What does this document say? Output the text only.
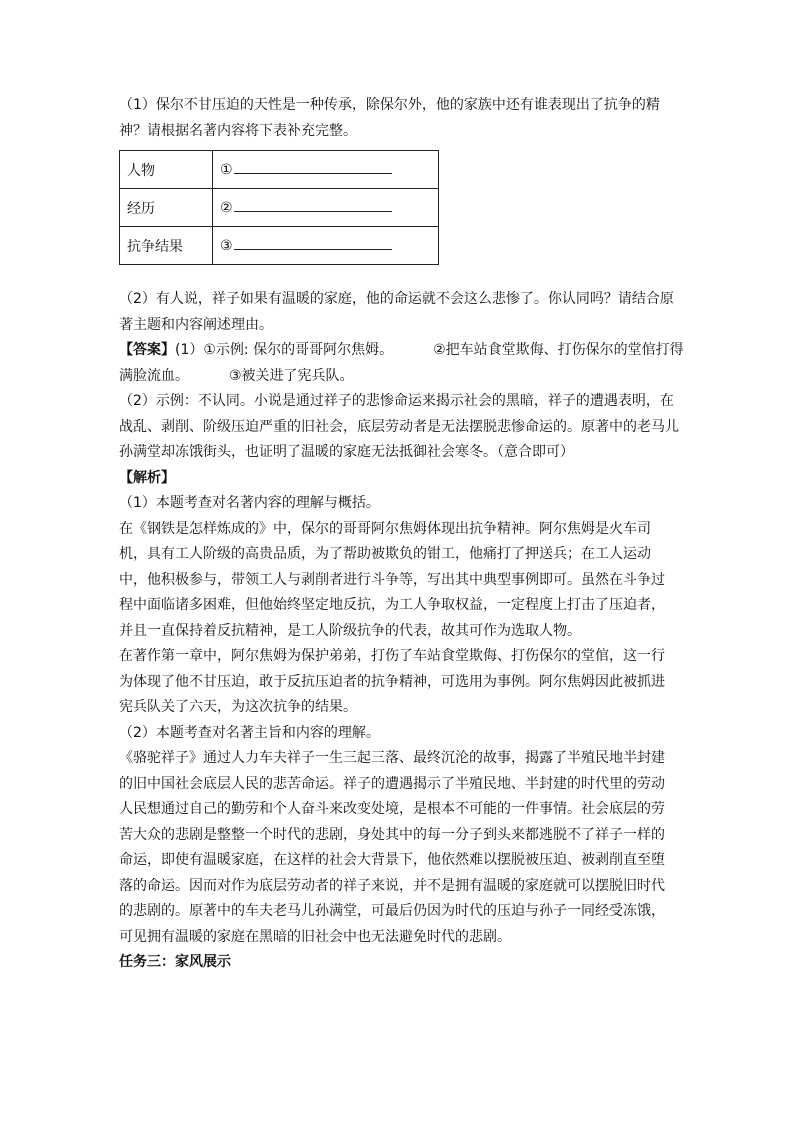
（1）保尔不甘压迫的天性是一种传承，除保尔外，他的家族中还有谁表现出了抗争的精
神？请根据名著内容将下表补充完整。
人物	①
经历	②
抗争结果	③
（2）有人说，祥子如果有温暖的家庭，他的命运就不会这么悲惨了。你认同吗？请结合原
著主题和内容阐述理由。
【答案】(1）①示例: 保尔的哥哥阿尔焦姆。	②把车站食堂欺侮、打伤保尔的堂倌打得
满脸流血。	③被关进了宪兵队。
（2）示例：不认同。小说是通过祥子的悲惨命运来揭示社会的黑暗，祥子的遭遇表明，在
战乱、剥削、阶级压迫严重的旧社会，底层劳动者是无法摆脱悲惨命运的。原著中的老马儿
孙满堂却冻饿街头，也证明了温暖的家庭无法抵御社会寒冬。（意合即可）
【解析】
（1）本题考查对名著内容的理解与概括。
在《钢铁是怎样炼成的》中，保尔的哥哥阿尔焦姆体现出抗争精神。阿尔焦姆是火车司
机，具有工人阶级的高贵品质，为了帮助被欺负的钳工，他痛打了押送兵；在工人运动
中，他积极参与，带领工人与剥削者进行斗争等，写出其中典型事例即可。虽然在斗争过
程中面临诸多困难，但他始终坚定地反抗，为工人争取权益，一定程度上打击了压迫者，
并且一直保持着反抗精神，是工人阶级抗争的代表，故其可作为选取人物。
在著作第一章中，阿尔焦姆为保护弟弟，打伤了车站食堂欺侮、打伤保尔的堂倌，这一行
为体现了他不甘压迫，敢于反抗压迫者的抗争精神，可选用为事例。阿尔焦姆因此被抓进
宪兵队关了六天，为这次抗争的结果。
（2）本题考查对名著主旨和内容的理解。
《骆驼祥子》通过人力车夫祥子一生三起三落、最终沉沦的故事，揭露了半殖民地半封建
的旧中国社会底层人民的悲苦命运。祥子的遭遇揭示了半殖民地、半封建的时代里的劳动
人民想通过自己的勤劳和个人奋斗来改变处境，是根本不可能的一件事情。社会底层的劳
苦大众的悲剧是整整一个时代的悲剧，身处其中的每一分子到头来都逃脱不了祥子一样的
命运，即使有温暖家庭，在这样的社会大背景下，他依然难以摆脱被压迫、被剥削直至堕
落的命运。因而对作为底层劳动者的祥子来说，并不是拥有温暖的家庭就可以摆脱旧时代
的悲剧的。原著中的车夫老马儿孙满堂，可最后仍因为时代的压迫与孙子一同经受冻饿，
可见拥有温暖的家庭在黑暗的旧社会中也无法避免时代的悲剧。
任务三：家风展示
